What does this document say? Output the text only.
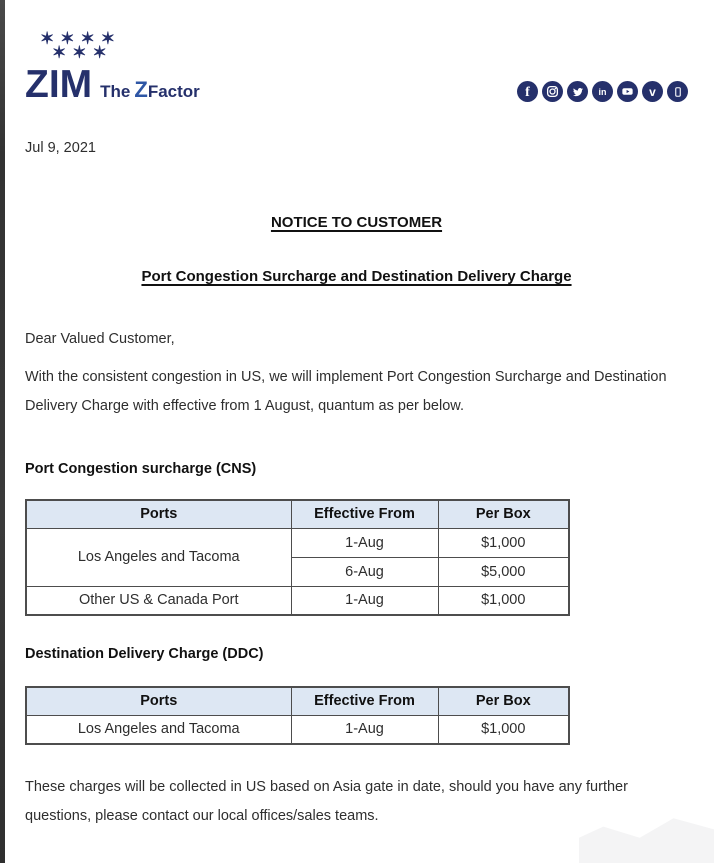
✶✶✶✶
✶✶✶
ZIM The Z Factor	f	in	v
Jul 9, 2021
NOTICE TO CUSTOMER
Port Congestion Surcharge and Destination Delivery Charge
Dear Valued Customer,
With the consistent congestion in US, we will implement Port Congestion Surcharge and Destination Delivery Charge with effective from 1 August, quantum as per below.
Port Congestion surcharge (CNS)
Ports	Effective From	Per Box
Los Angeles and Tacoma	1-Aug	$1,000
	6-Aug	$5,000
Other US & Canada Port	1-Aug	$1,000
Destination Delivery Charge (DDC)
Ports	Effective From	Per Box
Los Angeles and Tacoma	1-Aug	$1,000
These charges will be collected in US based on Asia gate in date, should you have any further questions, please contact our local offices/sales teams.
